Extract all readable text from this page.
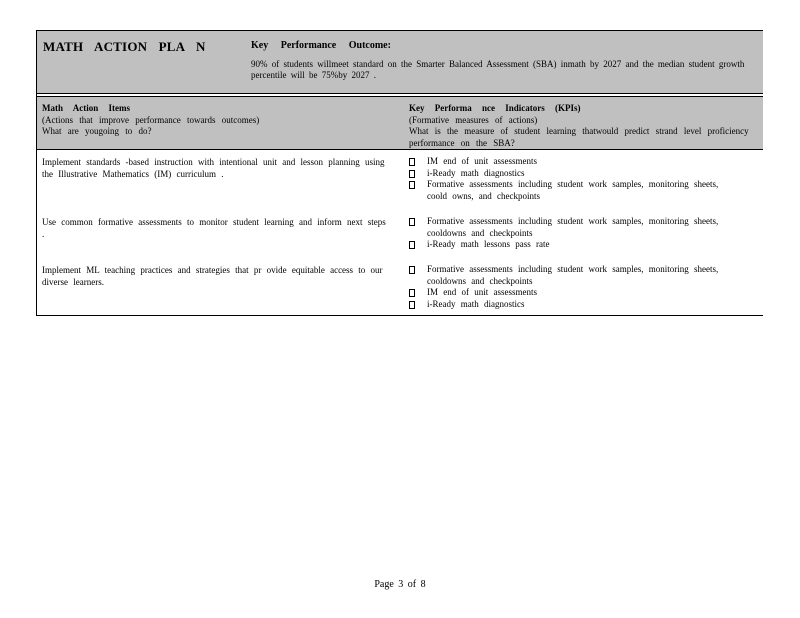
MATH ACTION PLA N	Key Performance Outcome:
90% of students willmeet standard on the Smarter Balanced Assessment (SBA) inmath by 2027 and the median student growth percentile will be 75%by 2027 .
Math Action Items
(Actions that improve performance towards outcomes)
What are yougoing to do?
Key Performa nce Indicators (KPIs)
(Formative measures of actions)
What is the measure of student learning thatwould predict strand level proficiency performance on the SBA?
Implement standards -based instruction with intentional unit and lesson planning using the Illustrative Mathematics (IM) curriculum .
IM end of unit assessments
i-Ready math diagnostics
Formative assessments including student work samples, monitoring sheets, coold owns, and checkpoints
Use common formative assessments to monitor student learning and inform next steps .
Formative assessments including student work samples, monitoring sheets, cooldowns and checkpoints
i-Ready math lessons pass rate
Implement ML teaching practices and strategies that pr ovide equitable access to our diverse learners.
Formative assessments including student work samples, monitoring sheets, cooldowns and checkpoints
IM end of unit assessments
i-Ready math diagnostics
Page 3 of 8
